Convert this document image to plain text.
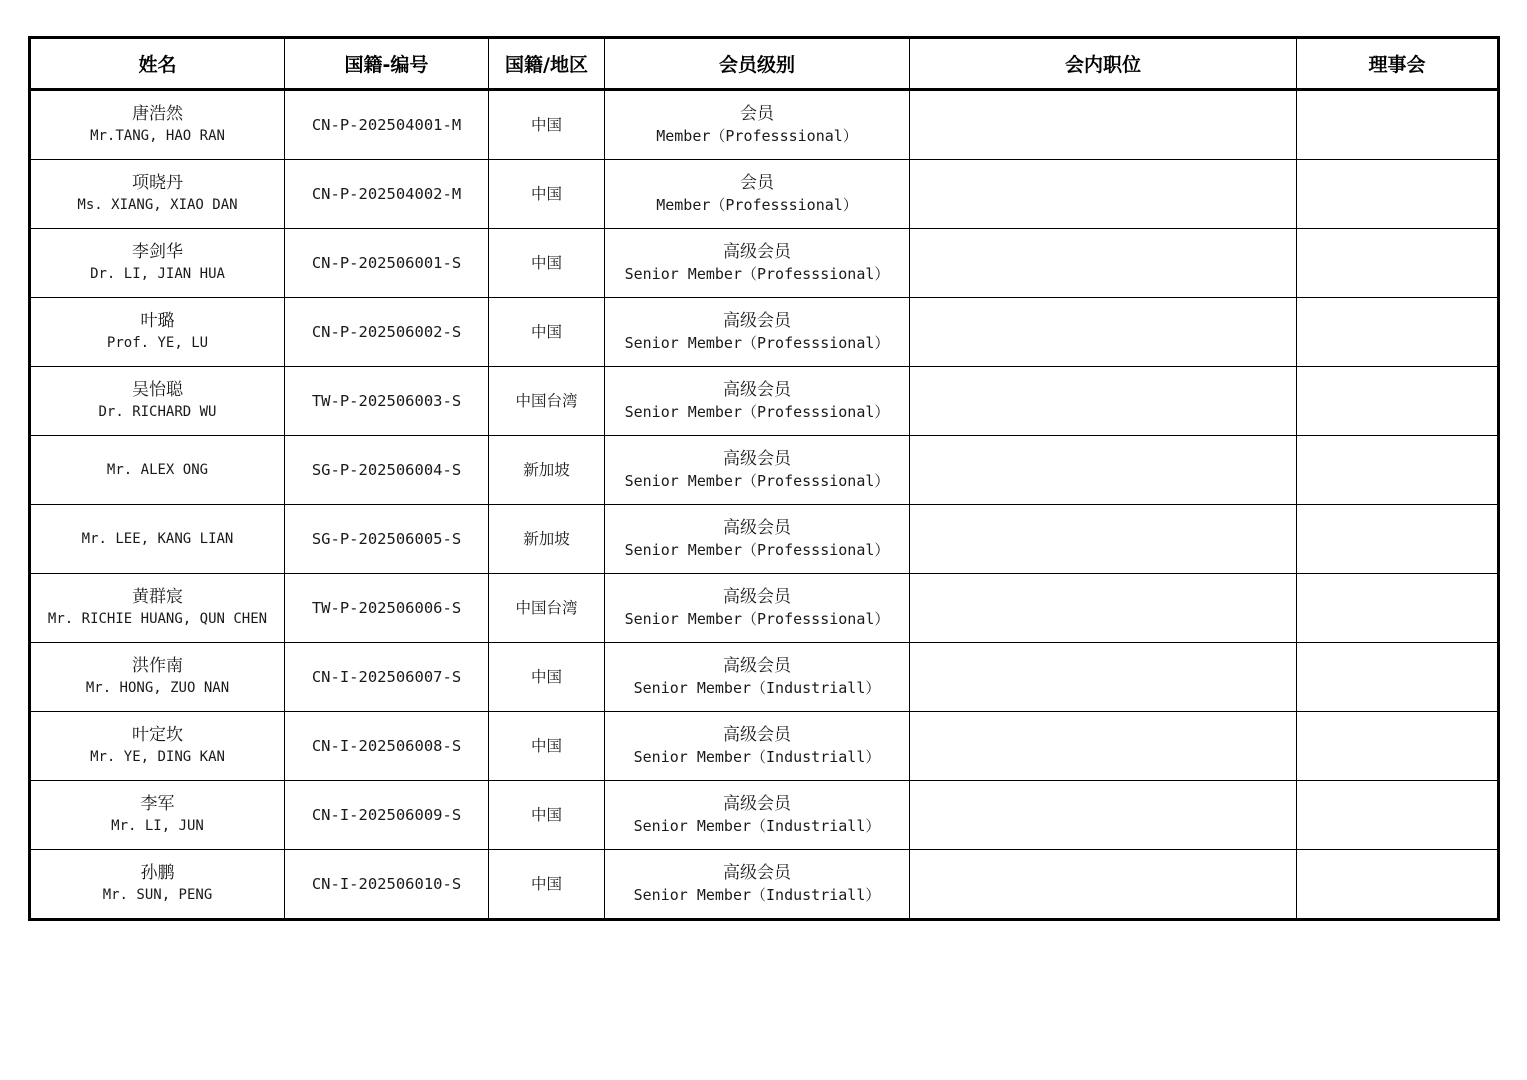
姓名	国籍-编号	国籍/地区	会员级别	会内职位	理事会

唐浩然
Mr.TANG, HAO RAN	CN-P-202504001-M	中国	会员
Member（Professsional）		

项晓丹
Ms. XIANG, XIAO DAN	CN-P-202504002-M	中国	会员
Member（Professsional）		

李剑华
Dr. LI, JIAN HUA	CN-P-202506001-S	中国	高级会员
Senior Member（Professsional）		

叶璐
Prof. YE, LU	CN-P-202506002-S	中国	高级会员
Senior Member（Professsional）		

吴怡聪
Dr. RICHARD WU	TW-P-202506003-S	中国台湾	高级会员
Senior Member（Professsional）		

Mr. ALEX ONG	SG-P-202506004-S	新加坡	高级会员
Senior Member（Professsional）		

Mr. LEE, KANG LIAN	SG-P-202506005-S	新加坡	高级会员
Senior Member（Professsional）		

黄群宸
Mr. RICHIE HUANG, QUN CHEN	TW-P-202506006-S	中国台湾	高级会员
Senior Member（Professsional）		

洪作南
Mr. HONG, ZUO NAN	CN-I-202506007-S	中国	高级会员
Senior Member（Industriall）		

叶定坎
Mr. YE, DING KAN	CN-I-202506008-S	中国	高级会员
Senior Member（Industriall）		

李军
Mr. LI, JUN	CN-I-202506009-S	中国	高级会员
Senior Member（Industriall）		

孙鹏
Mr. SUN, PENG	CN-I-202506010-S	中国	高级会员
Senior Member（Industriall）		
